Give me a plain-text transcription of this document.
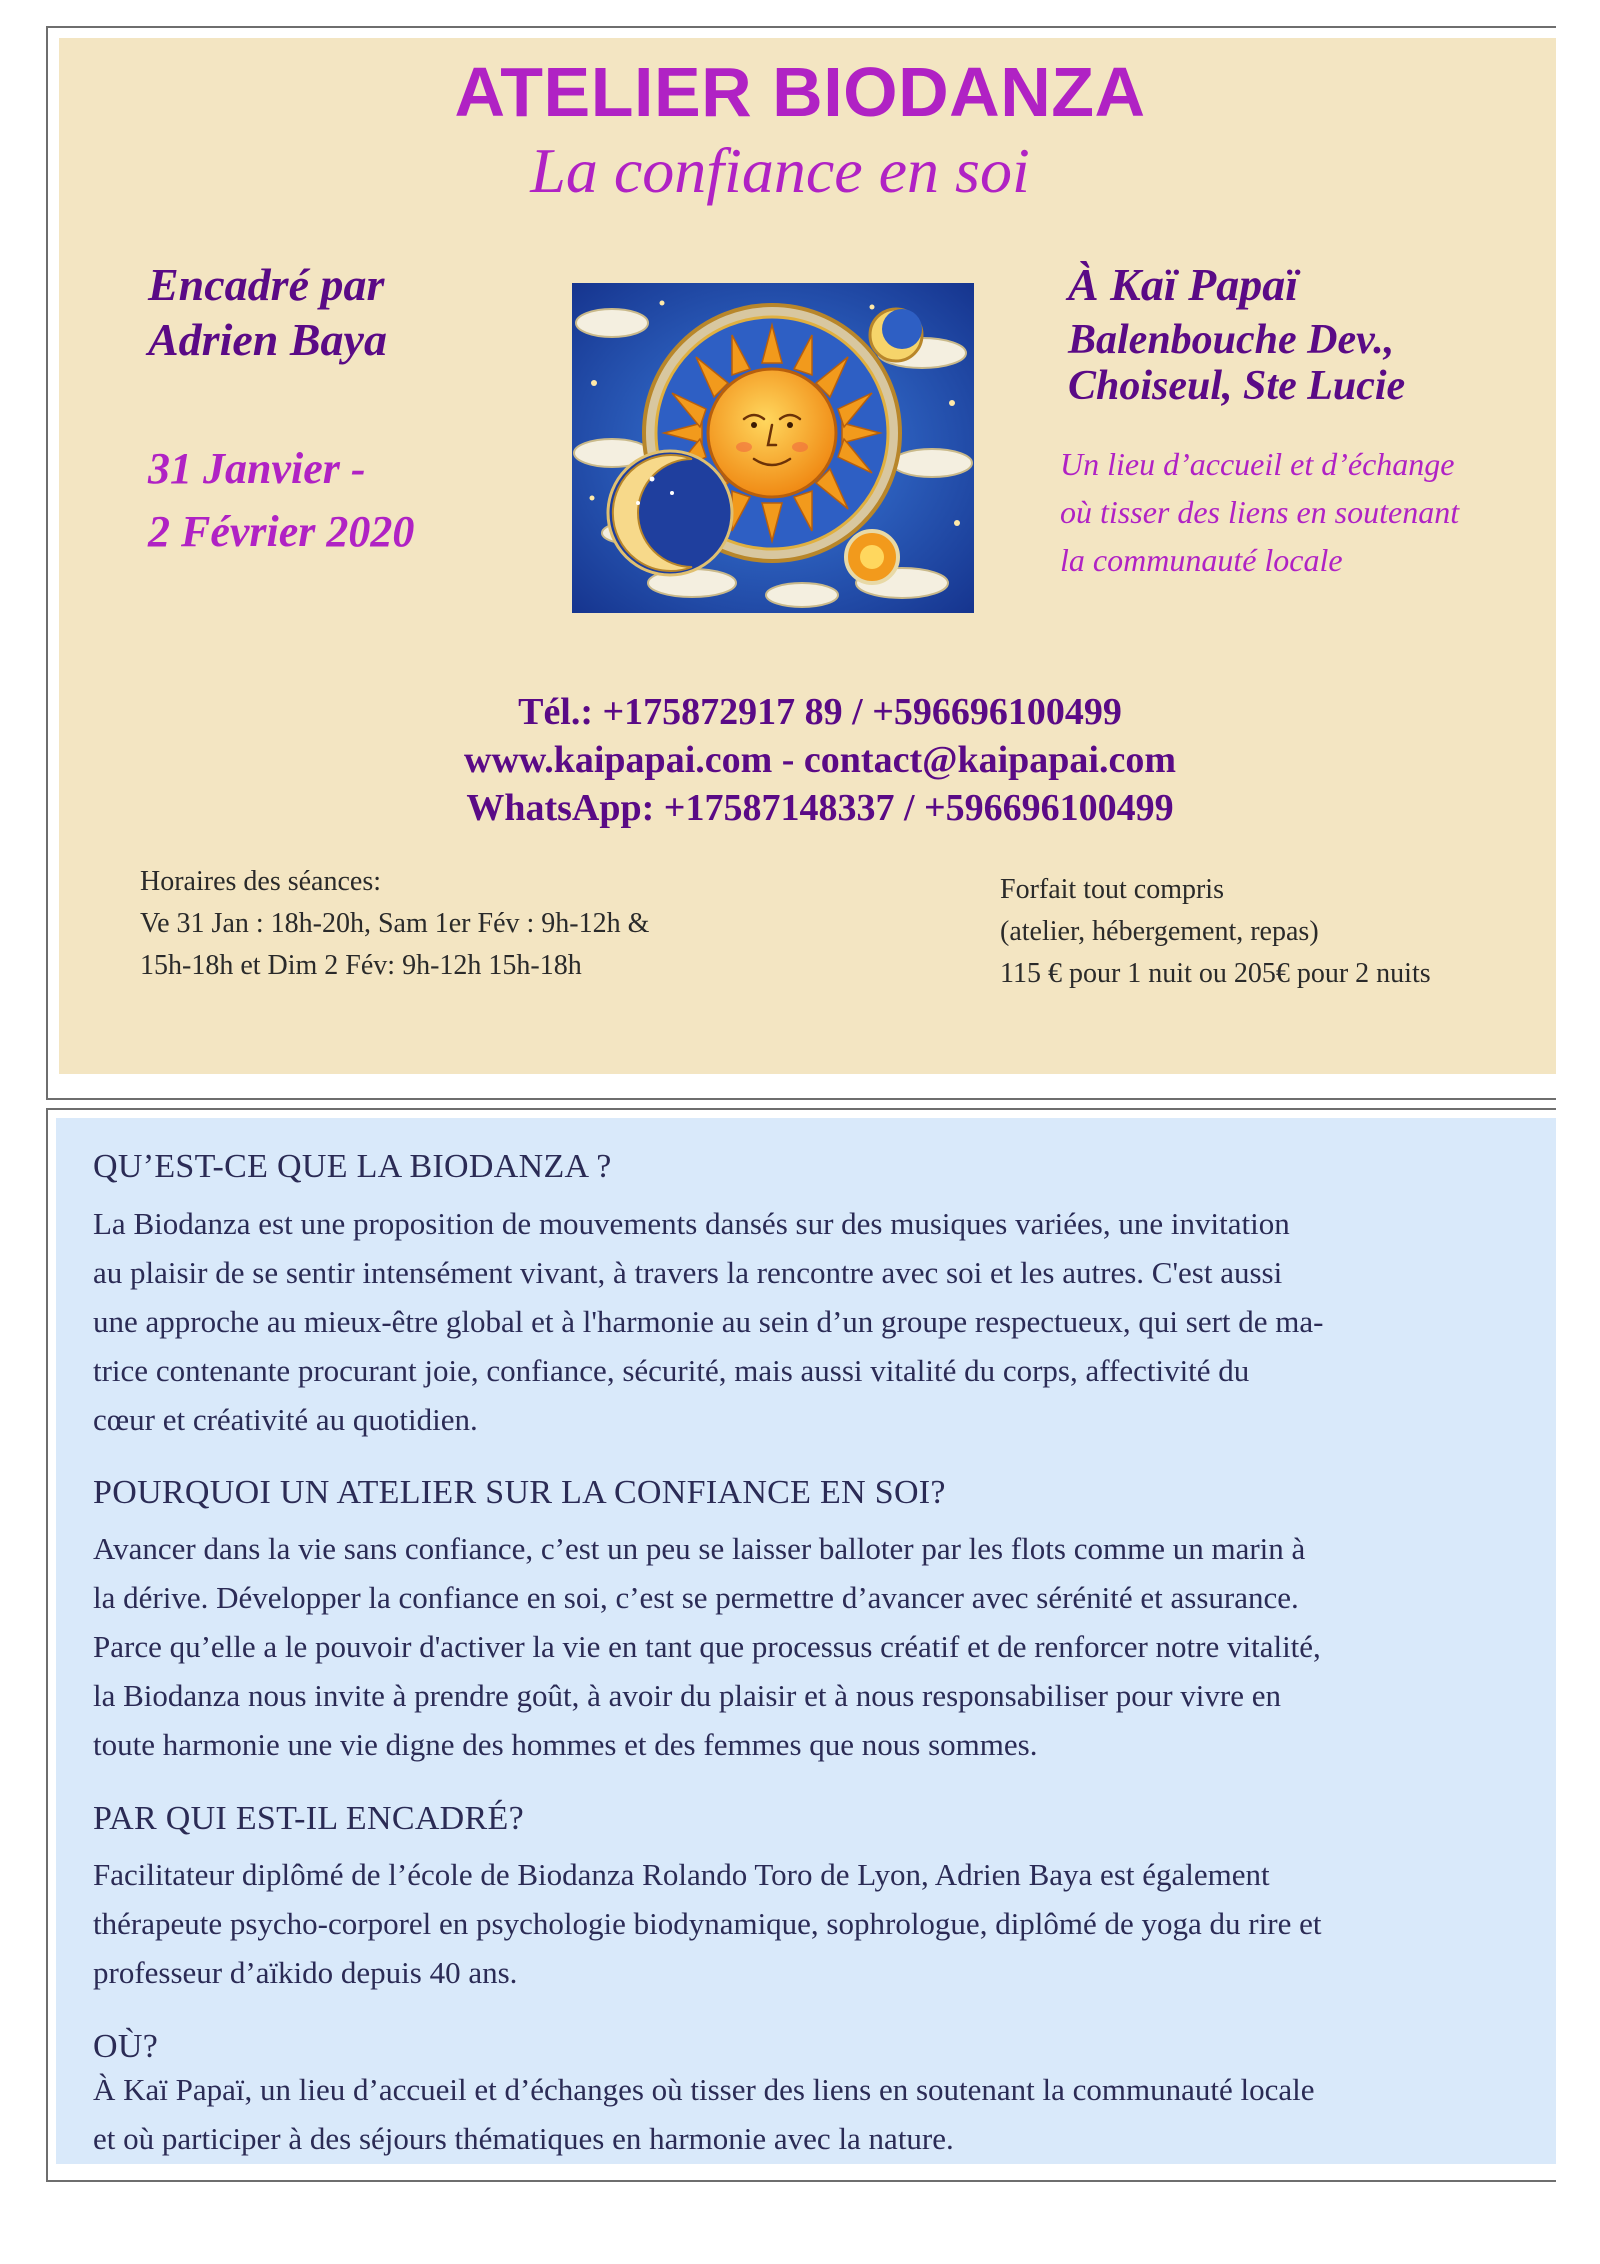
ATELIER BIODANZA
La confiance en soi
Encadré par
Adrien Baya
31 Janvier -
2 Février 2020
À Kaï Papaï
Balenbouche Dev.,
Choiseul, Ste Lucie
Un lieu d’accueil et d’échange
où tisser des liens en soutenant
la communauté locale
Tél.: +175872917 89 / +596696100499
www.kaipapai.com - contact@kaipapai.com
WhatsApp: +17587148337 / +596696100499
Horaires des séances:
Ve 31 Jan : 18h-20h, Sam 1er Fév : 9h-12h &
15h-18h et Dim 2 Fév: 9h-12h 15h-18h
Forfait tout compris
(atelier, hébergement, repas)
115 € pour 1 nuit ou 205€ pour 2 nuits
QU’EST-CE QUE LA BIODANZA ?
La Biodanza est une proposition de mouvements dansés sur des musiques variées, une invitation
au plaisir de se sentir intensément vivant, à travers la rencontre avec soi et les autres. C'est aussi
une approche au mieux-être global et à l'harmonie au sein d’un groupe respectueux, qui sert de ma-
trice contenante procurant joie, confiance, sécurité, mais aussi vitalité du corps, affectivité du
cœur et créativité au quotidien.
POURQUOI UN ATELIER SUR LA CONFIANCE EN SOI?
Avancer dans la vie sans confiance, c’est un peu se laisser balloter par les flots comme un marin à
la dérive. Développer la confiance en soi, c’est se permettre d’avancer avec sérénité et assurance.
Parce qu’elle a le pouvoir d'activer la vie en tant que processus créatif et de renforcer notre vitalité,
la Biodanza nous invite à prendre goût, à avoir du plaisir et à nous responsabiliser pour vivre en
toute harmonie une vie digne des hommes et des femmes que nous sommes.
PAR QUI EST-IL ENCADRÉ?
Facilitateur diplômé de l’école de Biodanza Rolando Toro de Lyon, Adrien Baya est également
thérapeute psycho-corporel en psychologie biodynamique, sophrologue, diplômé de yoga du rire et
professeur d’aïkido depuis 40 ans.
OÙ?
À Kaï Papaï, un lieu d’accueil et d’échanges où tisser des liens en soutenant la communauté locale
et où participer à des séjours thématiques en harmonie avec la nature.
